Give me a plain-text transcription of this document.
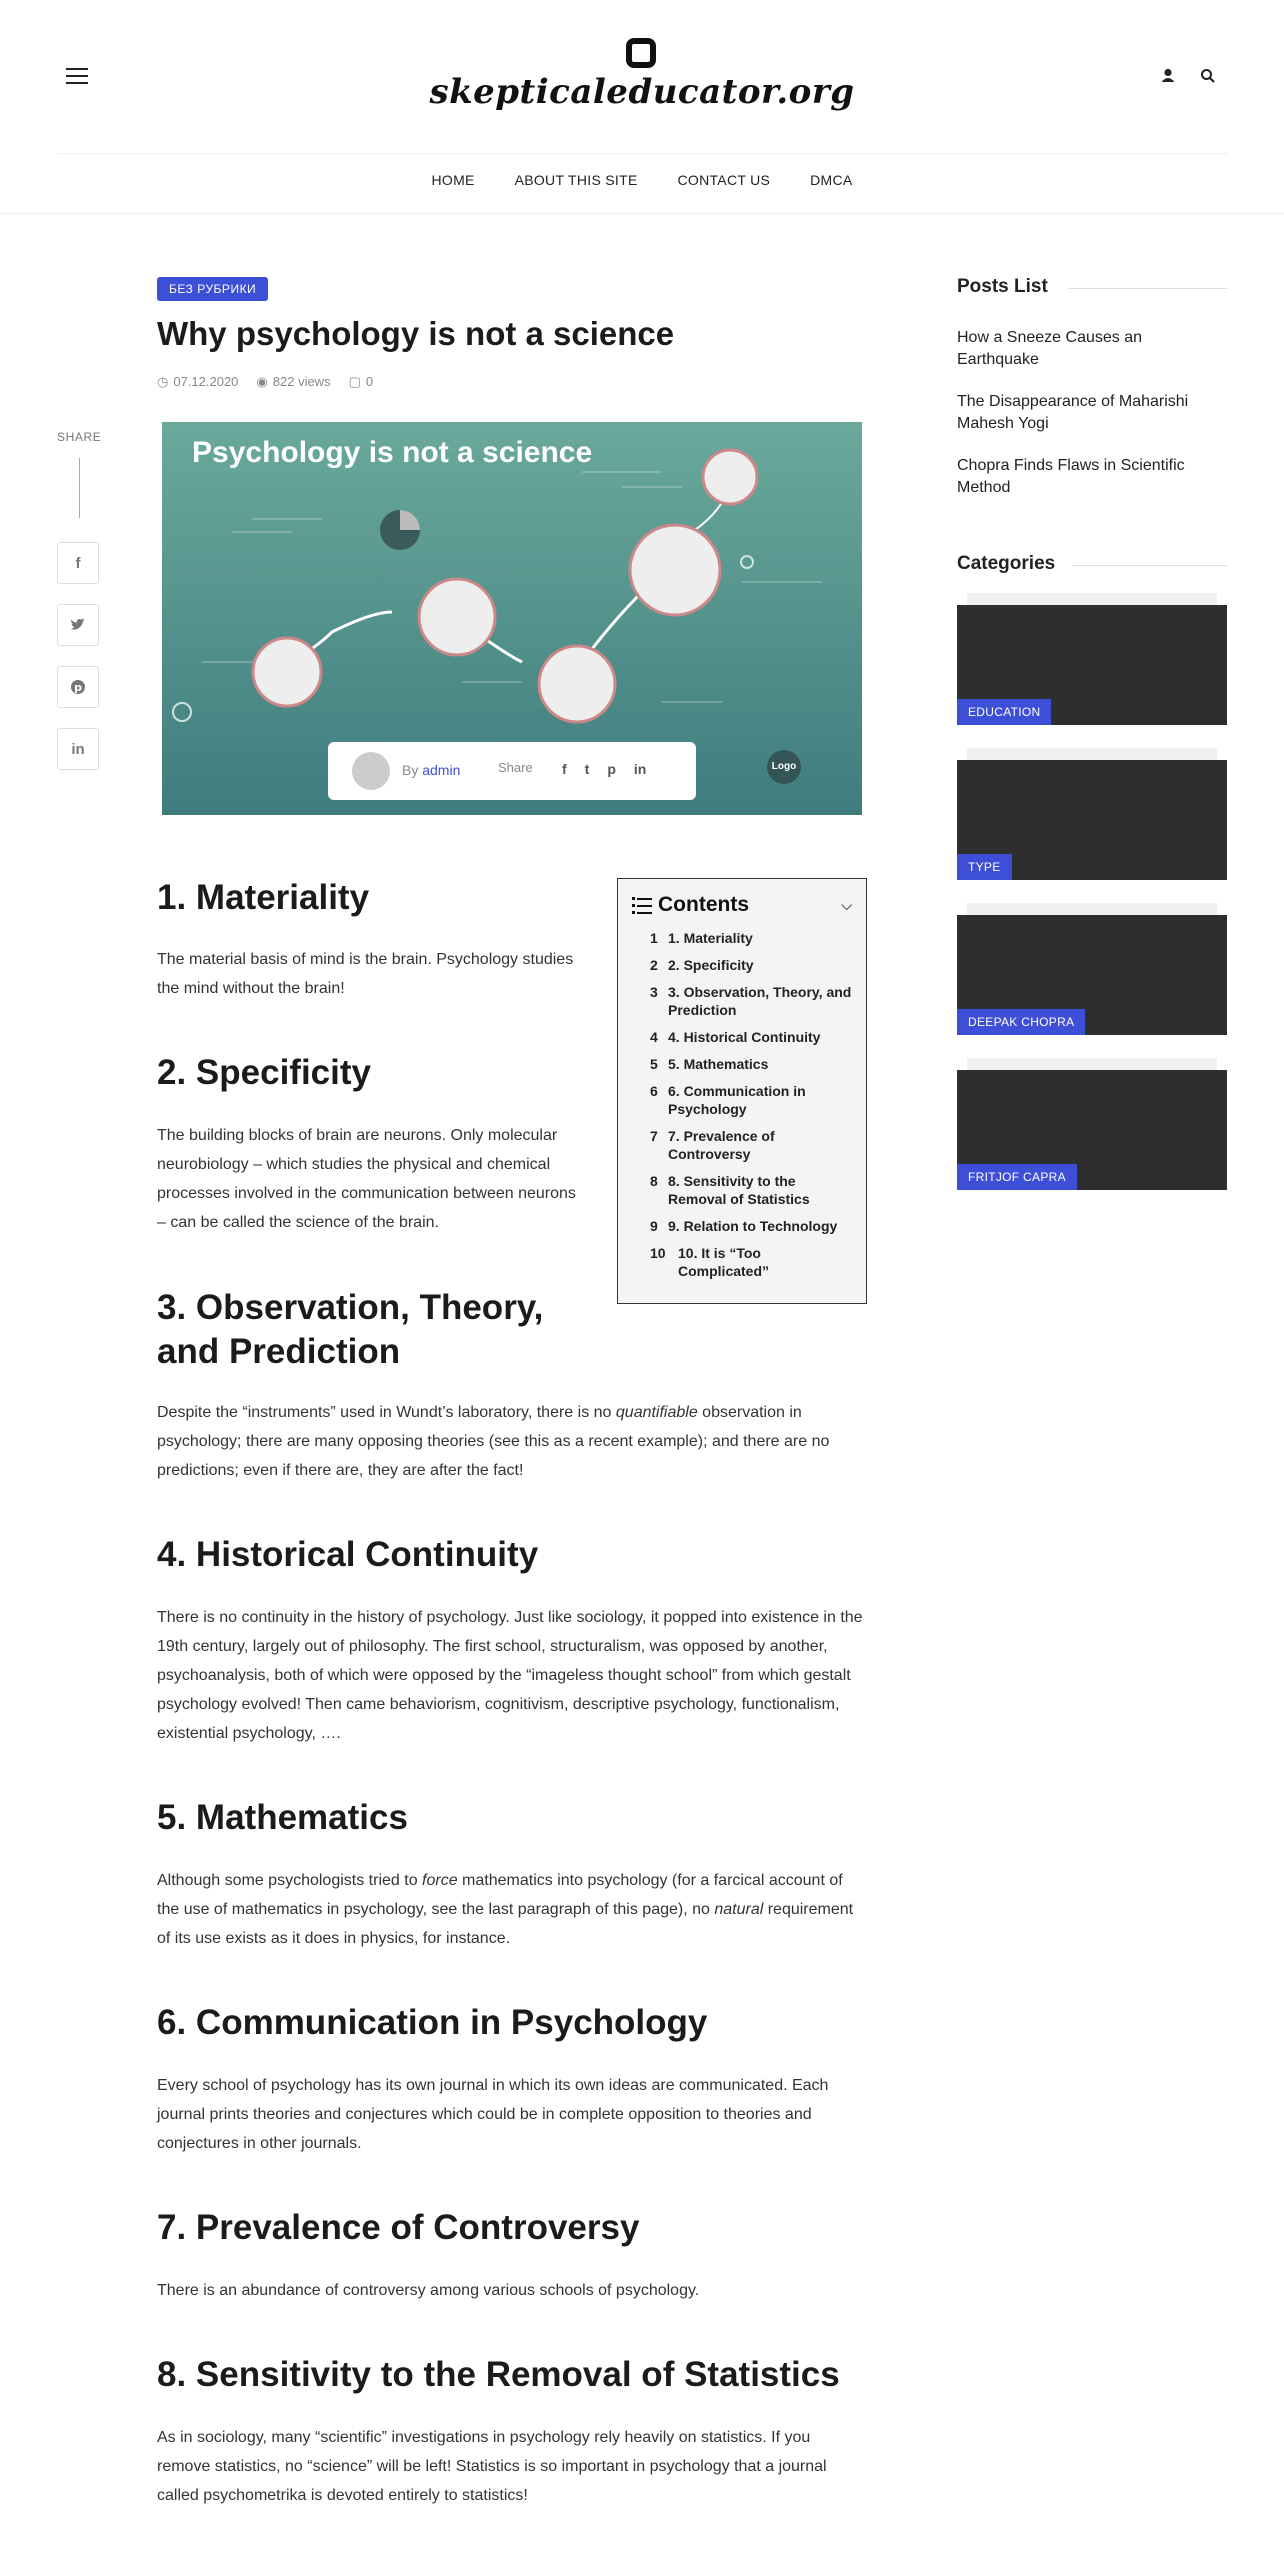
skepticaleducator.org
HOME	ABOUT THIS SITE	CONTACT US	DMCA
SHARE
f
p
in
БЕЗ РУБРИКИ
Why psychology is not a science
◷ 07.12.2020 ◉ 822 views ▢ 0
Psychology is not a science
By admin	Share f t p in	Logo
Contents	⌵
1 1. Materiality
2 2. Specificity
3 3. Observation, Theory, and Prediction
4 4. Historical Continuity
5 5. Mathematics
6 6. Communication in Psychology
7 7. Prevalence of Controversy
8 8. Sensitivity to the Removal of Statistics
9 9. Relation to Technology
10 10. It is “Too Complicated”
1. Materiality

The material basis of mind is the brain. Psychology studies the mind without the brain!

2. Specificity

The building blocks of brain are neurons. Only molecular neurobiology – which studies the physical and chemical processes involved in the communication between neurons – can be called the science of the brain.

3. Observation, Theory, and Prediction

Despite the “instruments” used in Wundt’s laboratory, there is no quantifiable observation in psychology; there are many opposing theories (see this as a recent example); and there are no predictions; even if there are, they are after the fact!

4. Historical Continuity

There is no continuity in the history of psychology. Just like sociology, it popped into existence in the 19th century, largely out of philosophy. The first school, structuralism, was opposed by another, psychoanalysis, both of which were opposed by the “imageless thought school” from which gestalt psychology evolved! Then came behaviorism, cognitivism, descriptive psychology, functionalism, existential psychology, ….

5. Mathematics

Although some psychologists tried to force mathematics into psychology (for a farcical account of the use of mathematics in psychology, see the last paragraph of this page), no natural requirement of its use exists as it does in physics, for instance.

6. Communication in Psychology

Every school of psychology has its own journal in which its own ideas are communicated. Each journal prints theories and conjectures which could be in complete opposition to theories and conjectures in other journals.

7. Prevalence of Controversy

There is an abundance of controversy among various schools of psychology.

8. Sensitivity to the Removal of Statistics

As in sociology, many “scientific” investigations in psychology rely heavily on statistics. If you remove statistics, no “science” will be left! Statistics is so important in psychology that a journal called psychometrika is devoted entirely to statistics!

Posts List
How a Sneeze Causes an Earthquake
The Disappearance of Maharishi Mahesh Yogi
Chopra Finds Flaws in Scientific Method
Categories
EDUCATION
TYPE
DEEPAK CHOPRA
FRITJOF CAPRA
